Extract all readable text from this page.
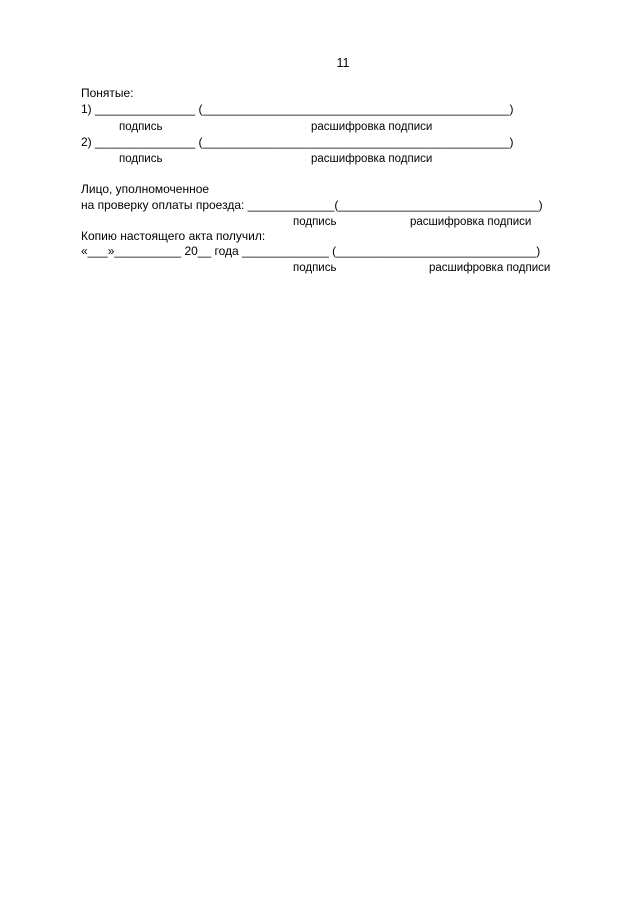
11
Понятые:
1) _______________ (______________________________________________)
подпись	расшифровка подписи
2) _______________ (______________________________________________)
подпись	расшифровка подписи
Лицо, уполномоченное
на проверку оплаты проезда: _____________(______________________________)
подпись	расшифровка подписи
Копию настоящего акта получил:
«___»__________ 20__ года _____________ (______________________________)
подпись	расшифровка подписи
